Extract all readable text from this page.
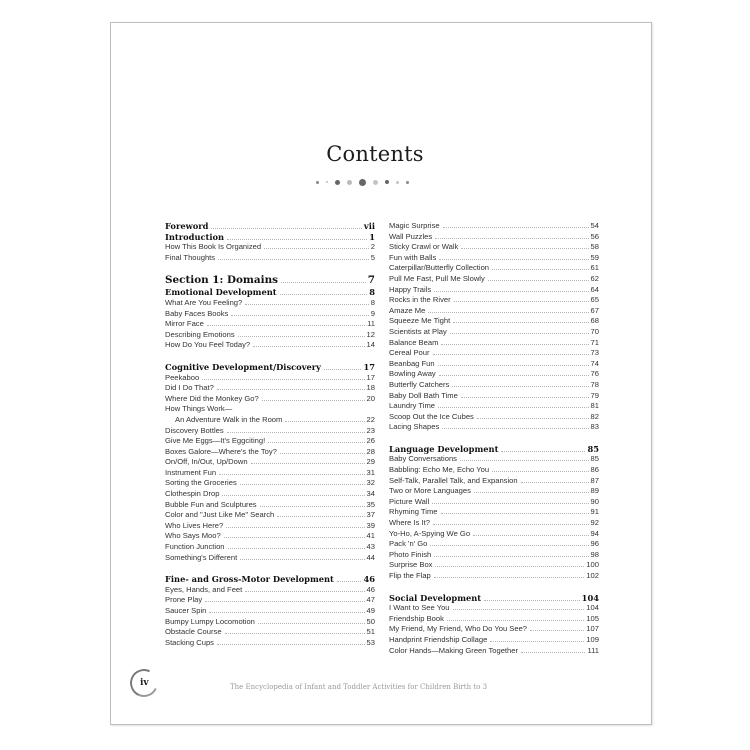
Contents
Foreword	vii
Introduction	1
How This Book Is Organized	2
Final Thoughts	5
Section 1: Domains	7
Emotional Development	8
What Are You Feeling?	8
Baby Faces Books	9
Mirror Face	11
Describing Emotions	12
How Do You Feel Today?	14
Cognitive Development/Discovery	17
Peekaboo	17
Did I Do That?	18
Where Did the Monkey Go?	20
How Things Work—
An Adventure Walk in the Room	22
Discovery Bottles	23
Give Me Eggs—It's Eggciting!	26
Boxes Galore—Where's the Toy?	28
On/Off, In/Out, Up/Down	29
Instrument Fun	31
Sorting the Groceries	32
Clothespin Drop	34
Bubble Fun and Sculptures	35
Color and "Just Like Me" Search	37
Who Lives Here?	39
Who Says Moo?	41
Function Junction	43
Something's Different	44
Fine- and Gross-Motor Development	46
Eyes, Hands, and Feet	46
Prone Play	47
Saucer Spin	49
Bumpy Lumpy Locomotion	50
Obstacle Course	51
Stacking Cups	53
Magic Surprise	54
Wall Puzzles	56
Sticky Crawl or Walk	58
Fun with Balls	59
Caterpillar/Butterfly Collection	61
Pull Me Fast, Pull Me Slowly	62
Happy Trails	64
Rocks in the River	65
Amaze Me	67
Squeeze Me Tight	68
Scientists at Play	70
Balance Beam	71
Cereal Pour	73
Beanbag Fun	74
Bowling Away	76
Butterfly Catchers	78
Baby Doll Bath Time	79
Laundry Time	81
Scoop Out the Ice Cubes	82
Lacing Shapes	83
Language Development	85
Baby Conversations	85
Babbling: Echo Me, Echo You	86
Self-Talk, Parallel Talk, and Expansion	87
Two or More Languages	89
Picture Wall	90
Rhyming Time	91
Where Is It?	92
Yo-Ho, A-Spying We Go	94
Pack 'n' Go	96
Photo Finish	98
Surprise Box	100
Flip the Flap	102
Social Development	104
I Want to See You	104
Friendship Book	105
My Friend, My Friend, Who Do You See?	107
Handprint Friendship Collage	109
Color Hands—Making Green Together	111
iv	The Encyclopedia of Infant and Toddler Activities for Children Birth to 3
